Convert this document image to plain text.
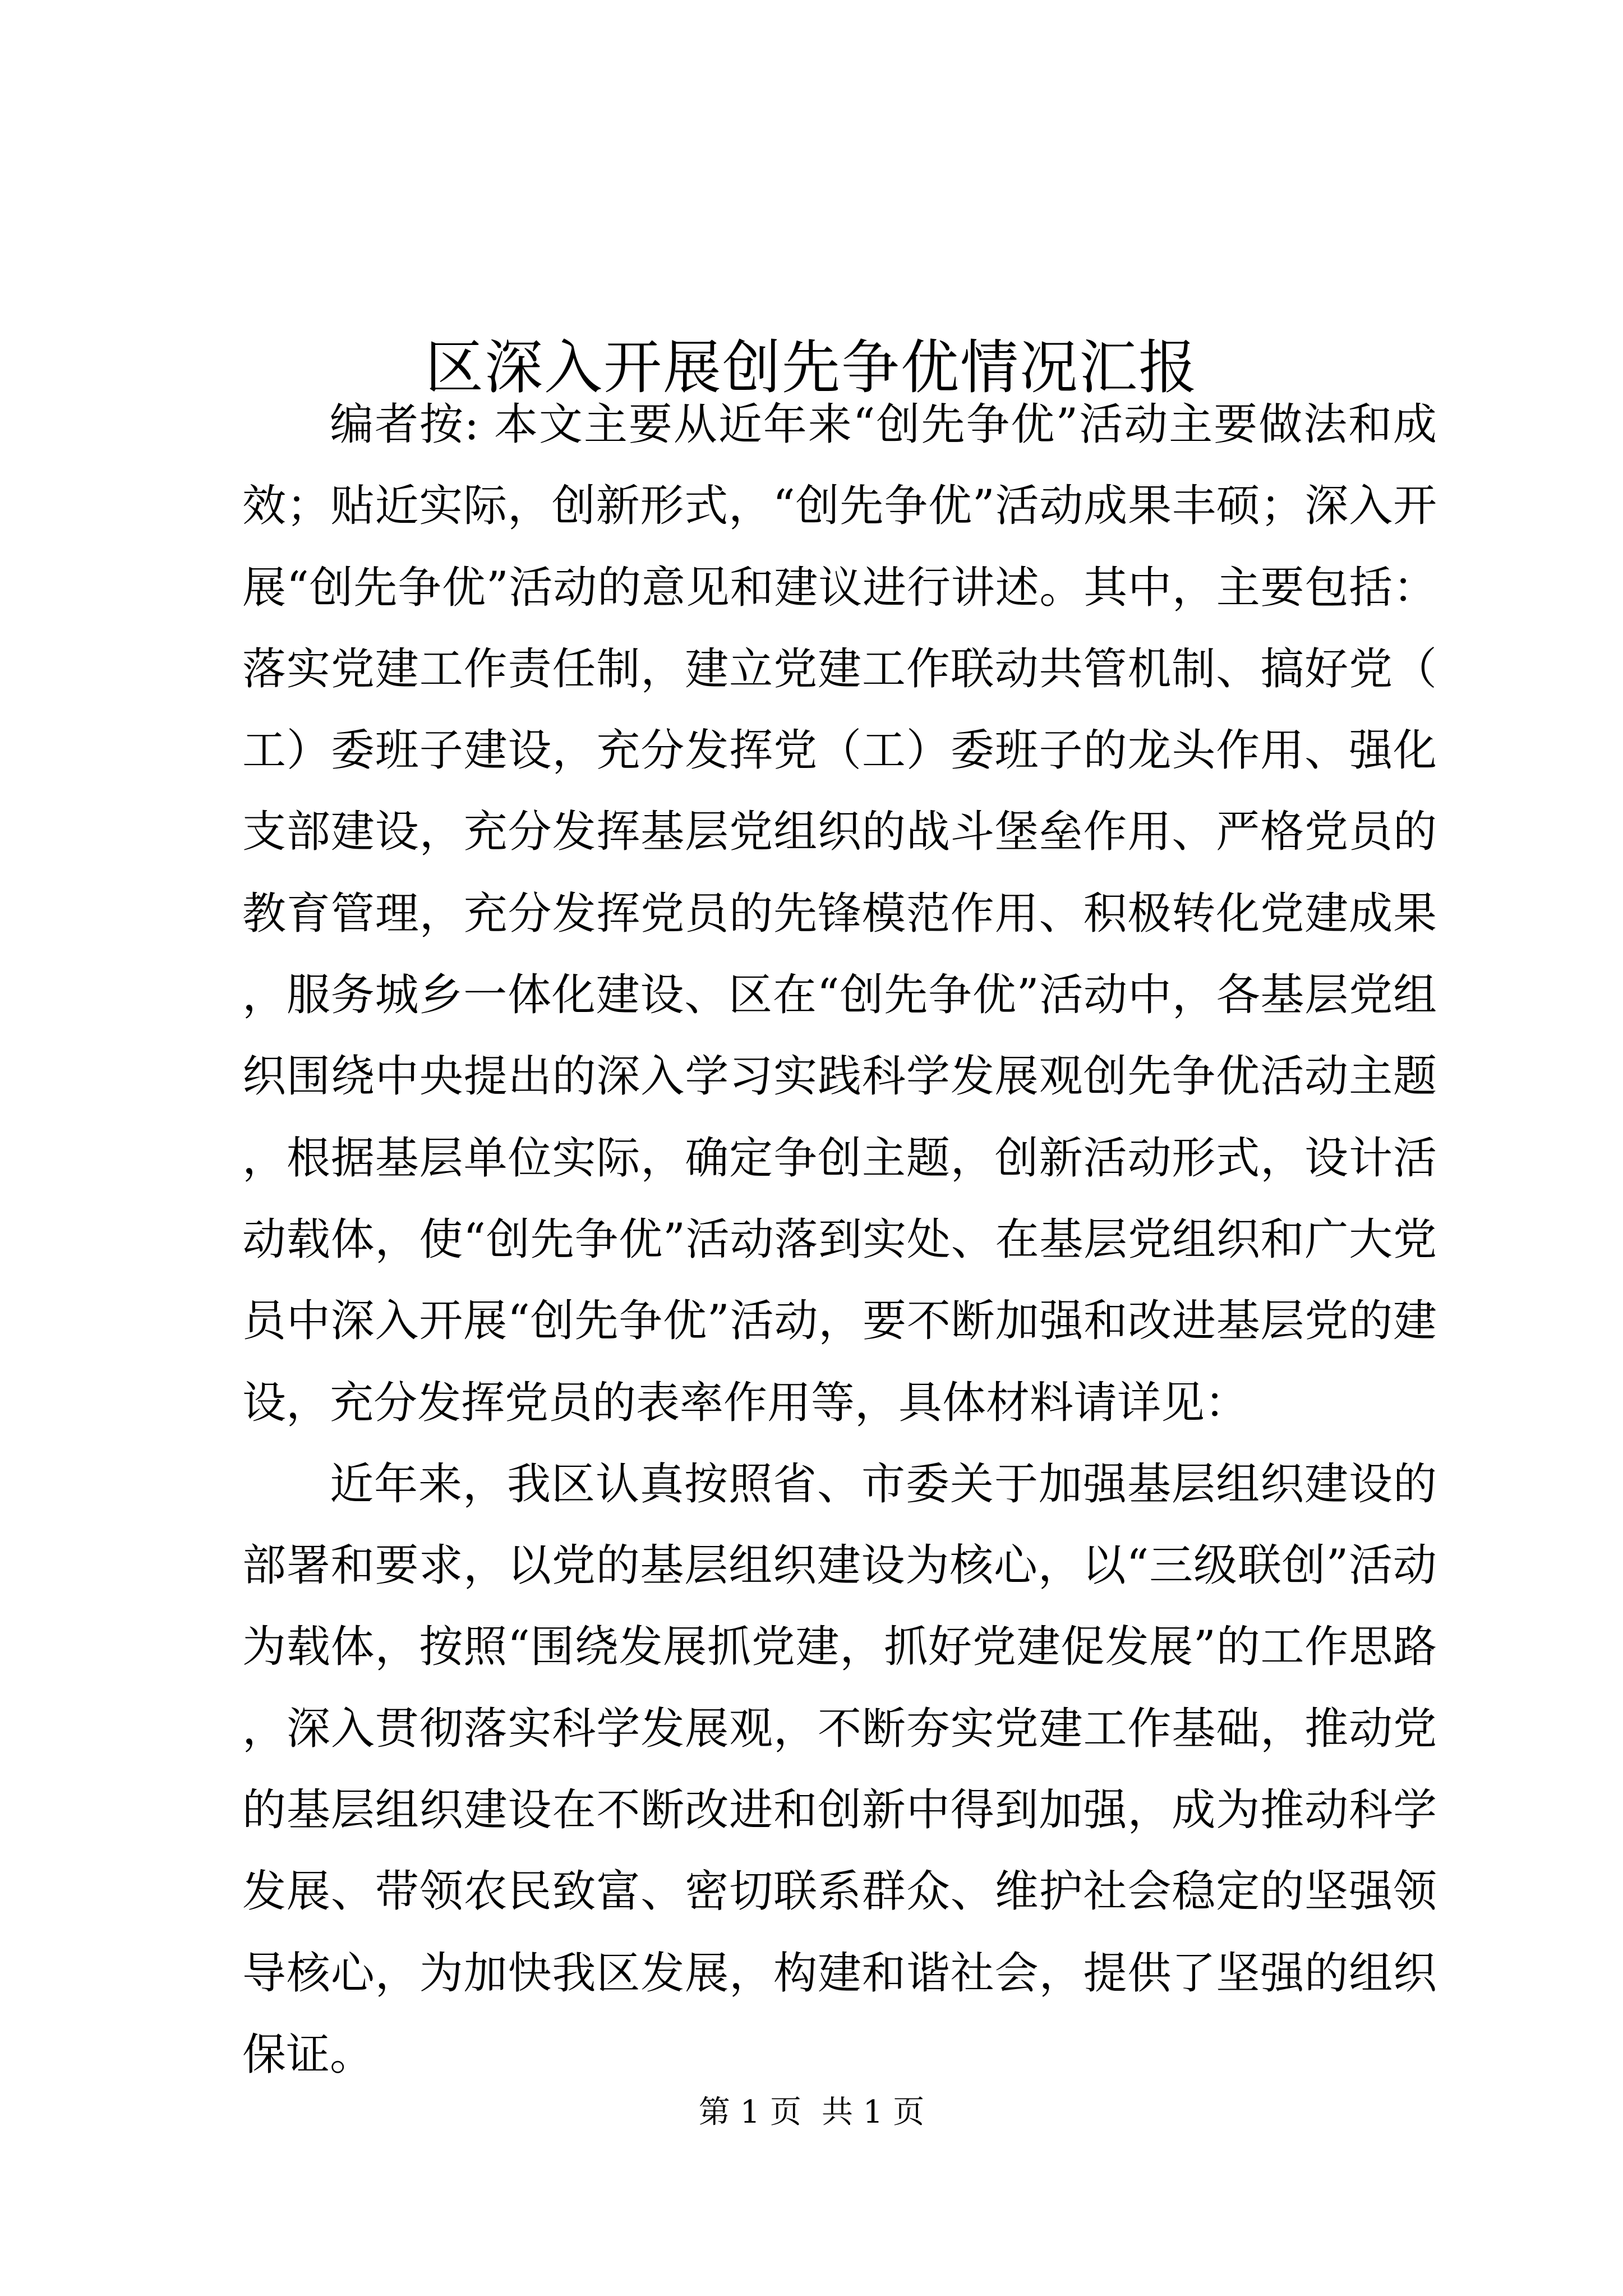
区深入开展创先争优情况汇报

编者按: 本文主要从近年来“创先争优”活动主要做法和成效；贴近实际，创新形式，“创先争优”活动成果丰硕；深入开展“创先争优”活动的意见和建议进行讲述。其中，主要包括：落实党建工作责任制，建立党建工作联动共管机制、搞好党（工）委班子建设，充分发挥党（工）委班子的龙头作用、强化支部建设，充分发挥基层党组织的战斗堡垒作用、严格党员的教育管理，充分发挥党员的先锋模范作用、积极转化党建成果，服务城乡一体化建设、区在“创先争优”活动中，各基层党组织围绕中央提出的深入学习实践科学发展观创先争优活动主题，根据基层单位实际，确定争创主题，创新活动形式，设计活动载体，使“创先争优”活动落到实处、在基层党组织和广大党员中深入开展“创先争优”活动，要不断加强和改进基层党的建设，充分发挥党员的表率作用等，具体材料请详见：

近年来，我区认真按照省、市委关于加强基层组织建设的部署和要求，以党的基层组织建设为核心，以“三级联创”活动为载体，按照“围绕发展抓党建，抓好党建促发展”的工作思路，深入贯彻落实科学发展观，不断夯实党建工作基础，推动党的基层组织建设在不断改进和创新中得到加强，成为推动科学发展、带领农民致富、密切联系群众、维护社会稳定的坚强领导核心，为加快我区发展，构建和谐社会，提供了坚强的组织保证。

第 1 页 共 1 页
